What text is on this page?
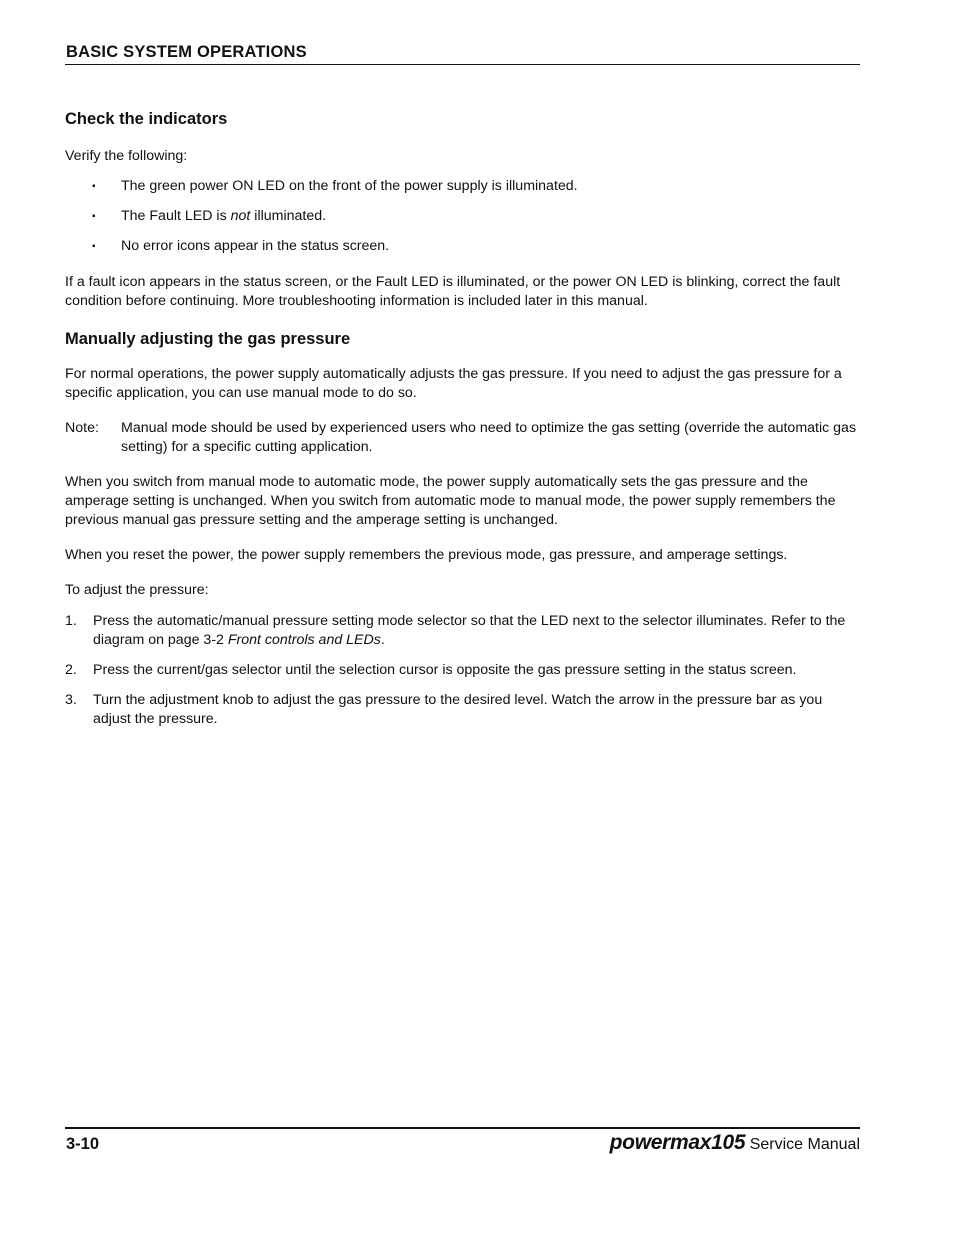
BASIC SYSTEM OPERATIONS
Check the indicators

Verify the following:

▪ The green power ON LED on the front of the power supply is illuminated.
▪ The Fault LED is not illuminated.
▪ No error icons appear in the status screen.

If a fault icon appears in the status screen, or the Fault LED is illuminated, or the power ON LED is blinking, correct the fault condition before continuing. More troubleshooting information is included later in this manual.

Manually adjusting the gas pressure

For normal operations, the power supply automatically adjusts the gas pressure. If you need to adjust the gas pressure for a specific application, you can use manual mode to do so.

Note: Manual mode should be used by experienced users who need to optimize the gas setting (override the automatic gas setting) for a specific cutting application.

When you switch from manual mode to automatic mode, the power supply automatically sets the gas pressure and the amperage setting is unchanged. When you switch from automatic mode to manual mode, the power supply remembers the previous manual gas pressure setting and the amperage setting is unchanged.

When you reset the power, the power supply remembers the previous mode, gas pressure, and amperage settings.

To adjust the pressure:

1. Press the automatic/manual pressure setting mode selector so that the LED next to the selector illuminates. Refer to the diagram on page 3-2 Front controls and LEDs.
2. Press the current/gas selector until the selection cursor is opposite the gas pressure setting in the status screen.
3. Turn the adjustment knob to adjust the gas pressure to the desired level. Watch the arrow in the pressure bar as you adjust the pressure.
3-10	powermax105 Service Manual
